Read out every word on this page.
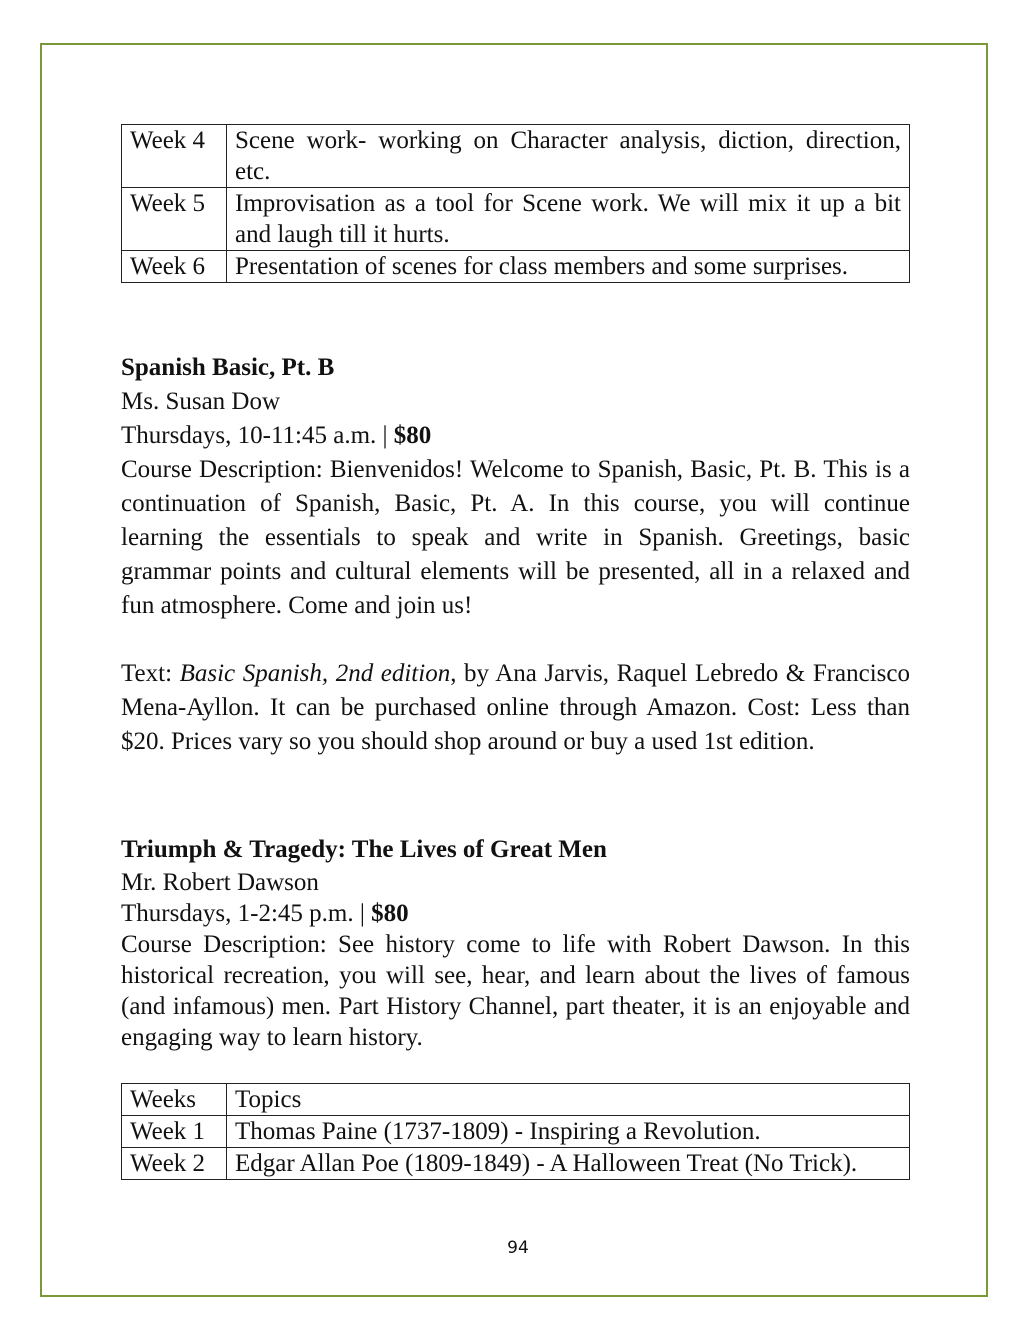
Week 4	Scene work- working on Character analysis, diction, direction, etc.
Week 5	Improvisation as a tool for Scene work. We will mix it up a bit and laugh till it hurts.
Week 6	Presentation of scenes for class members and some surprises.
Spanish Basic, Pt. B
Ms. Susan Dow
Thursdays, 10-11:45 a.m. | $80
Course Description: Bienvenidos! Welcome to Spanish, Basic, Pt. B. This is a continuation of Spanish, Basic, Pt. A. In this course, you will continue learning the essentials to speak and write in Spanish. Greetings, basic grammar points and cultural elements will be presented, all in a relaxed and fun atmosphere. Come and join us!
Text: Basic Spanish, 2nd edition, by Ana Jarvis, Raquel Lebredo & Francisco Mena-Ayllon. It can be purchased online through Amazon. Cost: Less than $20. Prices vary so you should shop around or buy a used 1st edition.
Triumph & Tragedy: The Lives of Great Men
Mr. Robert Dawson
Thursdays, 1-2:45 p.m. | $80
Course Description: See history come to life with Robert Dawson. In this historical recreation, you will see, hear, and learn about the lives of famous (and infamous) men. Part History Channel, part theater, it is an enjoyable and engaging way to learn history.
Weeks	Topics
Week 1	Thomas Paine (1737-1809) - Inspiring a Revolution.
Week 2	Edgar Allan Poe (1809-1849) - A Halloween Treat (No Trick).
94
